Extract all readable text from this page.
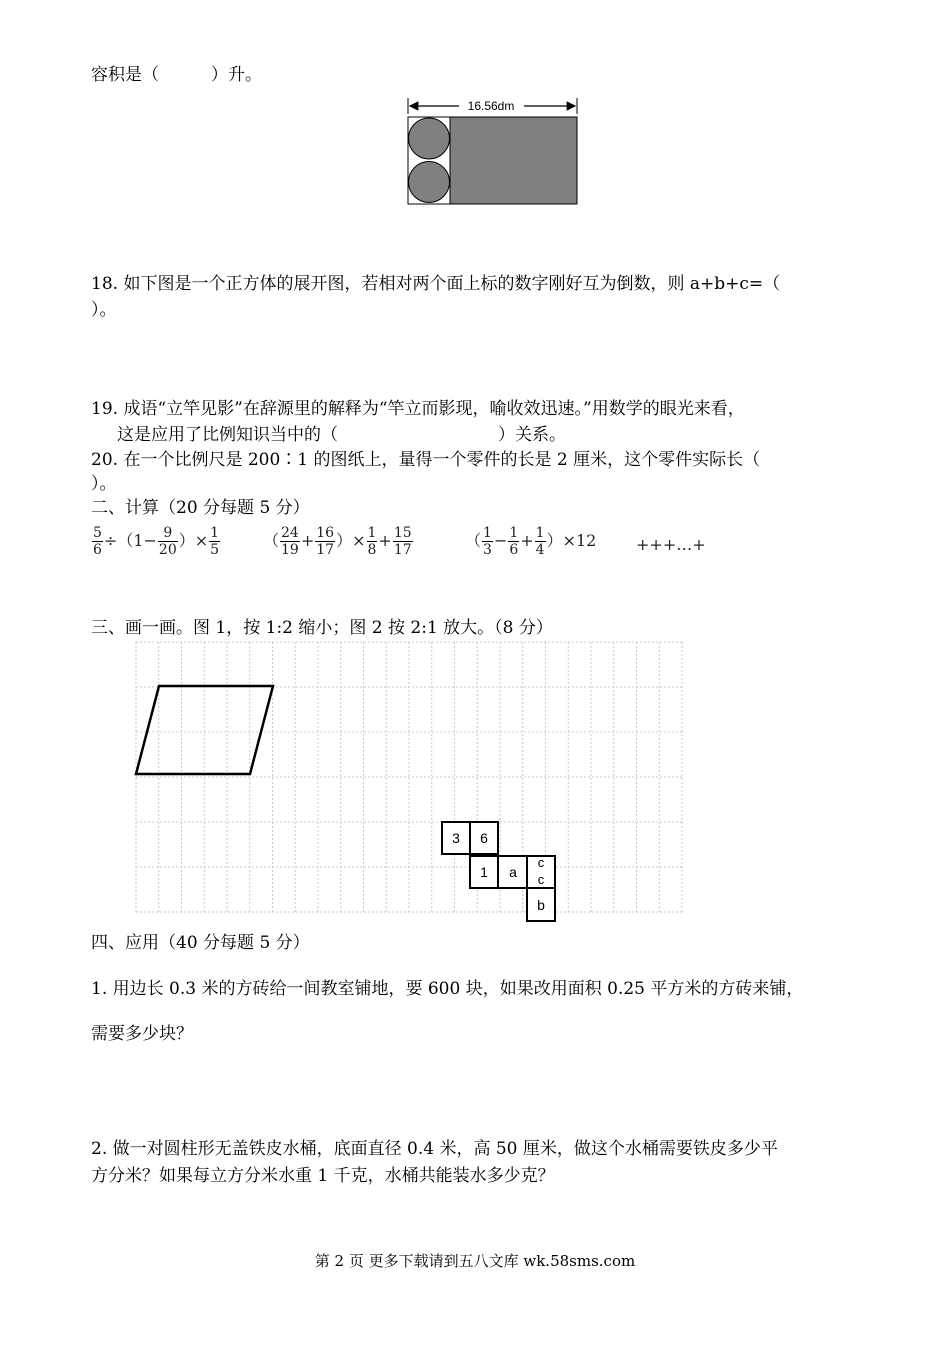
容积是（	）升。
16.56dm
18. 如下图是一个正方体的展开图，若相对两个面上标的数字刚好互为倒数，则 a+b+c=（
）。
19. 成语“立竿见影”在辞源里的解释为“竿立而影现，喻收效迅速。”用数学的眼光来看，
这是应用了比例知识当中的（	）关系。
20. 在一个比例尺是 200∶1 的图纸上，量得一个零件的长是 2 厘米，这个零件实际长（
）。
二、计算（20 分每题 5 分）
$\frac{5}{6} \div(1- \frac{9}{20}$ ）× $\frac{1}{5}$	（ $\frac{24}{19} + \frac{16}{17}$ ）× $\frac{1}{8} + \frac{15}{17}$	（ $\frac{1}{3} - \frac{1}{6} + \frac{1}{4} )\times 12$ +++…+
三、画一画。图 1，按 1:2 缩小；图 2 按 2:1 放大。（8 分）
3 6
1 a
c
c
b
四、应用（40 分每题 5 分）
1. 用边长 0.3 米的方砖给一间教室铺地，要 600 块，如果改用面积 0.25 平方米的方砖来铺，
需要多少块？
2. 做一对圆柱形无盖铁皮水桶，底面直径 0.4 米，高 50 厘米，做这个水桶需要铁皮多少平
方分米？如果每立方分米水重 1 千克，水桶共能装水多少克？
第 2 页 更多下载请到五八文库 wk.58sms.com
